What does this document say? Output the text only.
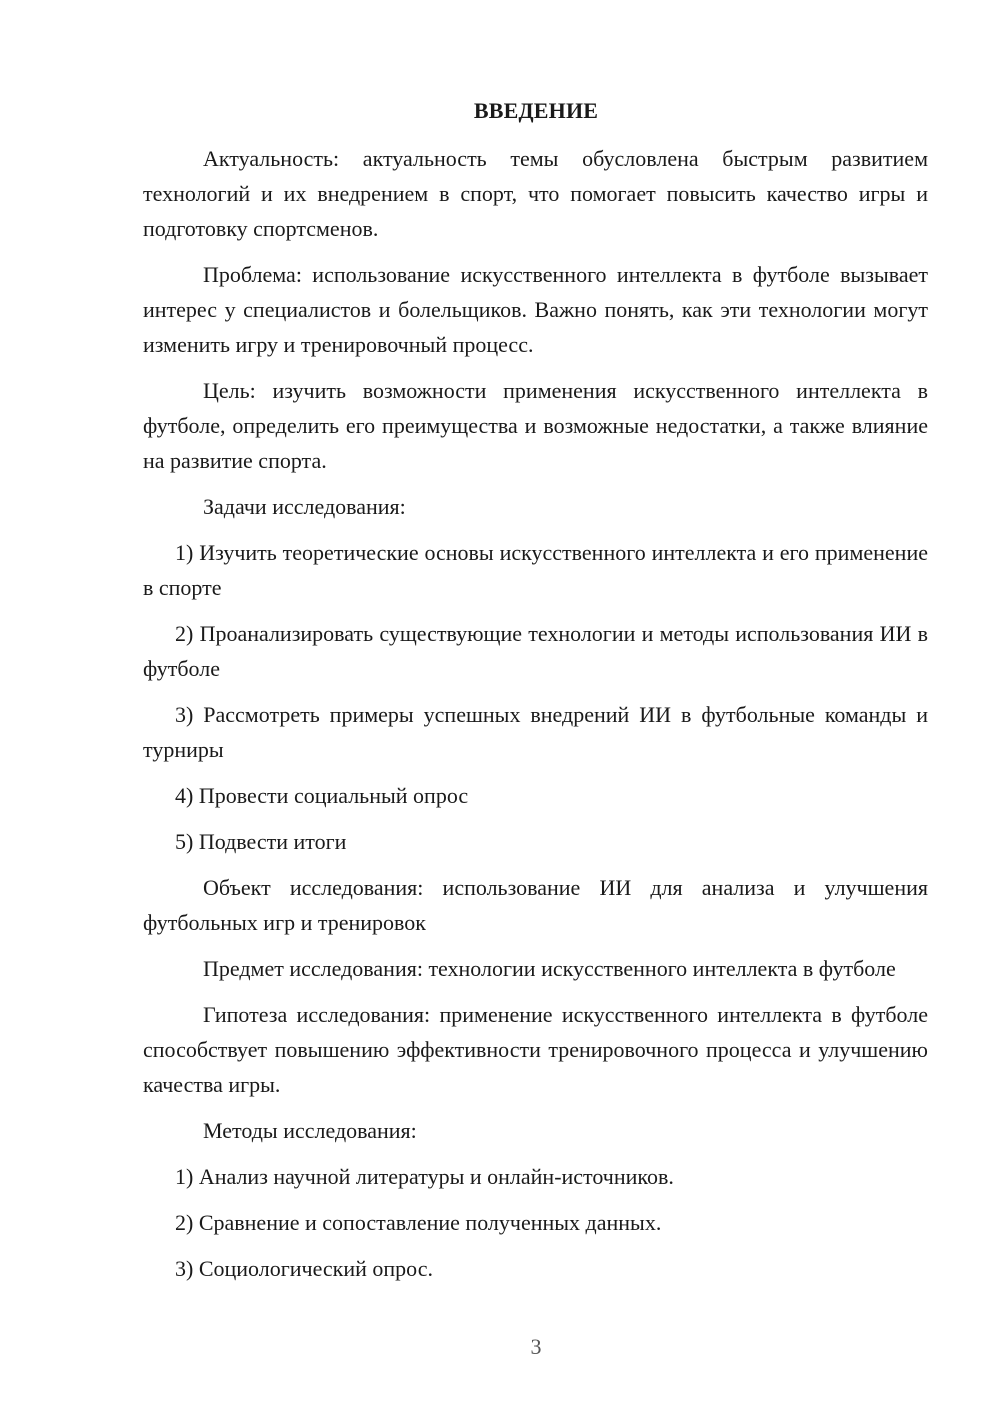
ВВЕДЕНИЕ

Актуальность: актуальность темы обусловлена быстрым развитием технологий и их внедрением в спорт, что помогает повысить качество игры и подготовку спортсменов.

Проблема: использование искусственного интеллекта в футболе вызывает интерес у специалистов и болельщиков. Важно понять, как эти технологии могут изменить игру и тренировочный процесс.

Цель: изучить возможности применения искусственного интеллекта в футболе, определить его преимущества и возможные недостатки, а также влияние на развитие спорта.

Задачи исследования:

1) Изучить теоретические основы искусственного интеллекта и его применение в спорте

2) Проанализировать существующие технологии и методы использования ИИ в футболе

3) Рассмотреть примеры успешных внедрений ИИ в футбольные команды и турниры

4) Провести социальный опрос

5) Подвести итоги

Объект исследования: использование ИИ для анализа и улучшения футбольных игр и тренировок

Предмет исследования: технологии искусственного интеллекта в футболе

Гипотеза исследования: применение искусственного интеллекта в футболе способствует повышению эффективности тренировочного процесса и улучшению качества игры.

Методы исследования:

1) Анализ научной литературы и онлайн-источников.

2) Сравнение и сопоставление полученных данных.

3) Социологический опрос.

3
